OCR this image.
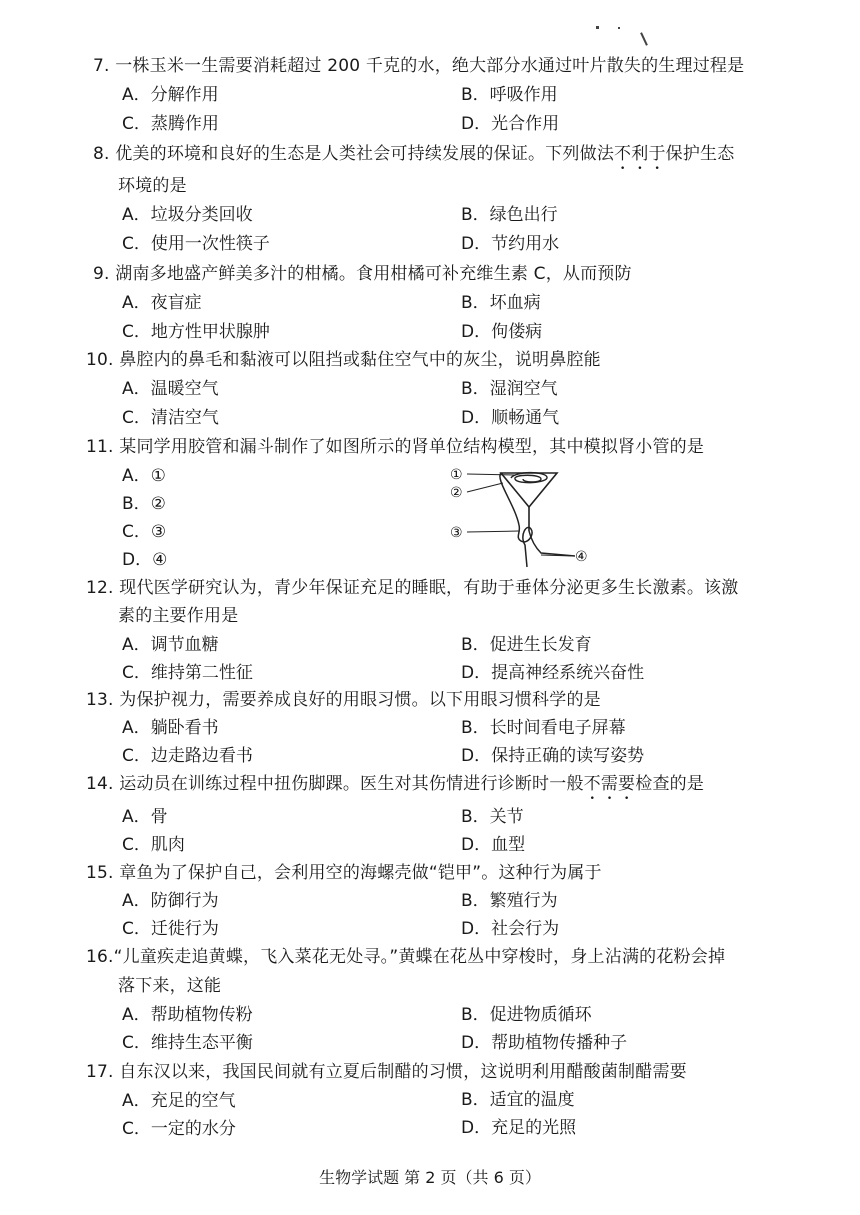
7. 一株玉米一生需要消耗超过 200 千克的水，绝大部分水通过叶片散失的生理过程是
A．分解作用	B．呼吸作用
C．蒸腾作用	D．光合作用
8. 优美的环境和良好的生态是人类社会可持续发展的保证。下列做法不利于保护生态
环境的是
A．垃圾分类回收	B．绿色出行
C．使用一次性筷子	D．节约用水
9. 湖南多地盛产鲜美多汁的柑橘。食用柑橘可补充维生素 C，从而预防
A．夜盲症	B．坏血病
C．地方性甲状腺肿	D．佝偻病
10. 鼻腔内的鼻毛和黏液可以阻挡或黏住空气中的灰尘，说明鼻腔能
A．温暖空气	B．湿润空气
C．清洁空气	D．顺畅通气
11. 某同学用胶管和漏斗制作了如图所示的肾单位结构模型，其中模拟肾小管的是
A．①
B．②
C．③
D．④
①
②
③
④
12. 现代医学研究认为，青少年保证充足的睡眠，有助于垂体分泌更多生长激素。该激
素的主要作用是
A．调节血糖	B．促进生长发育
C．维持第二性征	D．提高神经系统兴奋性
13. 为保护视力，需要养成良好的用眼习惯。以下用眼习惯科学的是
A．躺卧看书	B．长时间看电子屏幕
C．边走路边看书	D．保持正确的读写姿势
14. 运动员在训练过程中扭伤脚踝。医生对其伤情进行诊断时一般不需要检查的是
A．骨	B．关节
C．肌肉	D．血型
15. 章鱼为了保护自己，会利用空的海螺壳做“铠甲”。这种行为属于
A．防御行为	B．繁殖行为
C．迁徙行为	D．社会行为
16.“儿童疾走追黄蝶，飞入菜花无处寻。”黄蝶在花丛中穿梭时，身上沾满的花粉会掉
落下来，这能
A．帮助植物传粉	B．促进物质循环
C．维持生态平衡	D．帮助植物传播种子
17. 自东汉以来，我国民间就有立夏后制醋的习惯，这说明利用醋酸菌制醋需要
A．充足的空气	B．适宜的温度
C．一定的水分	D．充足的光照
生物学试题 第 2 页（共 6 页）
